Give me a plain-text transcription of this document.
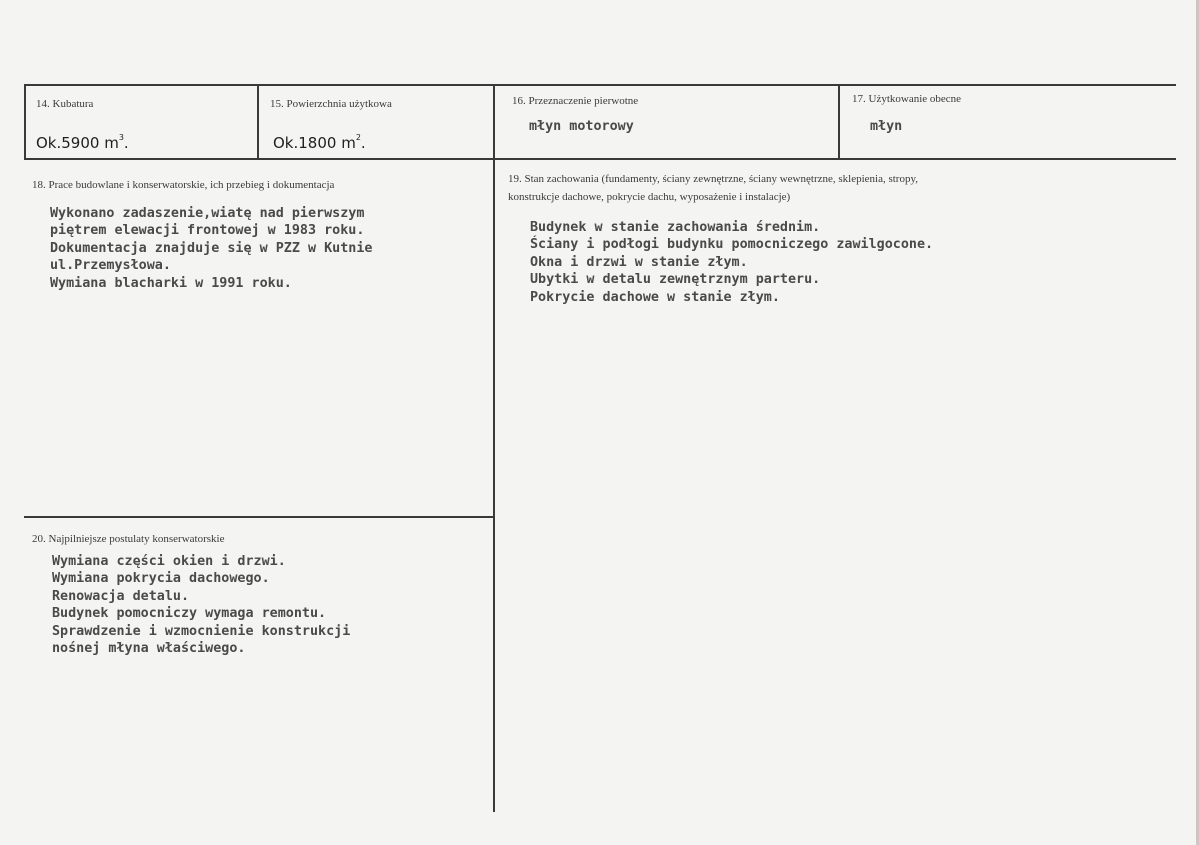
14. Kubatura
Ok.5900 $m^3$.
15. Powierzchnia użytkowa
Ok.1800 $m^2$.
16. Przeznaczenie pierwotne
młyn motorowy
17. Użytkowanie obecne
młyn
18. Prace budowlane i konserwatorskie, ich przebieg i dokumentacja
Wykonano zadaszenie,wiatę nad pierwszym
piętrem elewacji frontowej w 1983 roku.
Dokumentacja znajduje się w PZZ w Kutnie
ul.Przemysłowa.
Wymiana blacharki w 1991 roku.
19. Stan zachowania (fundamenty, ściany zewnętrzne, ściany wewnętrzne, sklepienia, stropy,
konstrukcje dachowe, pokrycie dachu, wyposażenie i instalacje)
Budynek w stanie zachowania średnim.
Ściany i podłogi budynku pomocniczego zawilgocone.
Okna i drzwi w stanie złym.
Ubytki w detalu zewnętrznym parteru.
Pokrycie dachowe w stanie złym.
20. Najpilniejsze postulaty konserwatorskie
Wymiana części okien i drzwi.
Wymiana pokrycia dachowego.
Renowacja detalu.
Budynek pomocniczy wymaga remontu.
Sprawdzenie i wzmocnienie konstrukcji
nośnej młyna właściwego.
